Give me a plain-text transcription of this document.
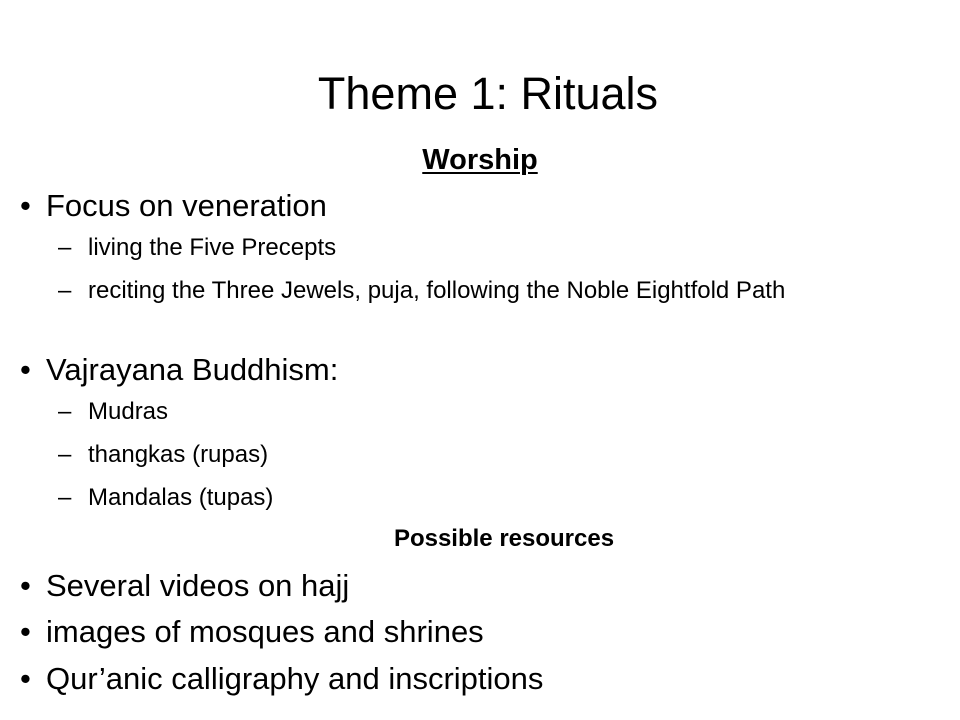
Theme 1: Rituals
Worship
• Focus on veneration
– living the Five Precepts
– reciting the Three Jewels, puja, following the Noble Eightfold Path
• Vajrayana Buddhism:
– Mudras
– thangkas (rupas)
– Mandalas (tupas)
Possible resources
• Several videos on hajj
• images of mosques and shrines
• Qur’anic calligraphy and inscriptions
